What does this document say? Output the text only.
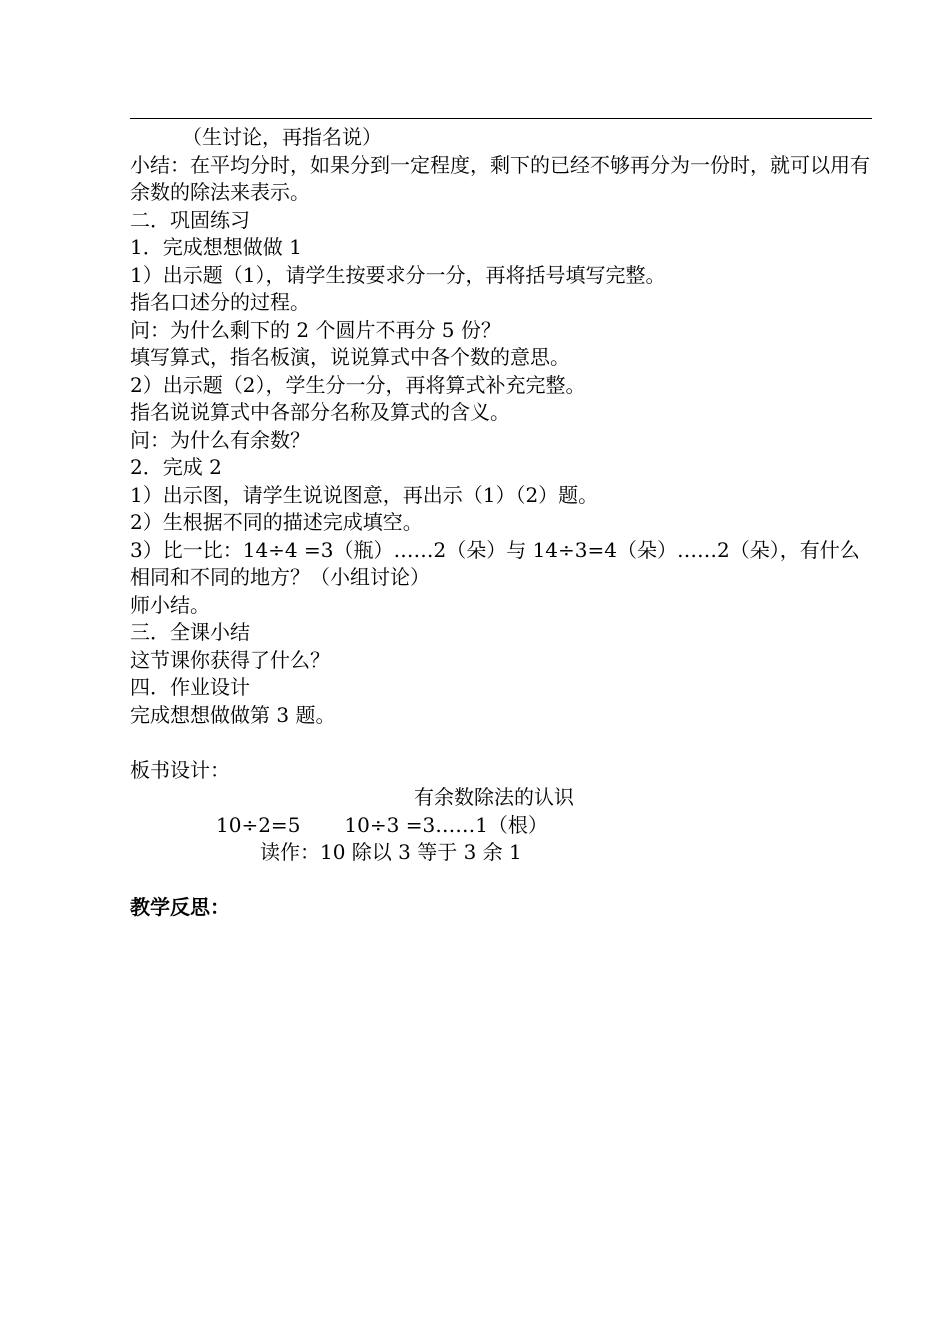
（生讨论，再指名说）
小结：在平均分时，如果分到一定程度，剩下的已经不够再分为一份时，就可以用有余数的除法来表示。
二．巩固练习
1．完成想想做做 1
1）出示题（1），请学生按要求分一分，再将括号填写完整。
指名口述分的过程。
问：为什么剩下的 2 个圆片不再分 5 份？
填写算式，指名板演，说说算式中各个数的意思。
2）出示题（2），学生分一分，再将算式补充完整。
指名说说算式中各部分名称及算式的含义。
问：为什么有余数？
2．完成 2
1）出示图，请学生说说图意，再出示（1）（2）题。
2）生根据不同的描述完成填空。
3）比一比：14÷4 =3（瓶）……2（朵）与 14÷3=4（朵）……2（朵），有什么相同和不同的地方？（小组讨论）
师小结。
三．全课小结
这节课你获得了什么？
四．作业设计
完成想想做做第 3 题。
板书设计：
有余数除法的认识
10÷2=5 10÷3 =3……1（根）
读作：10 除以 3 等于 3 余 1
教学反思：
